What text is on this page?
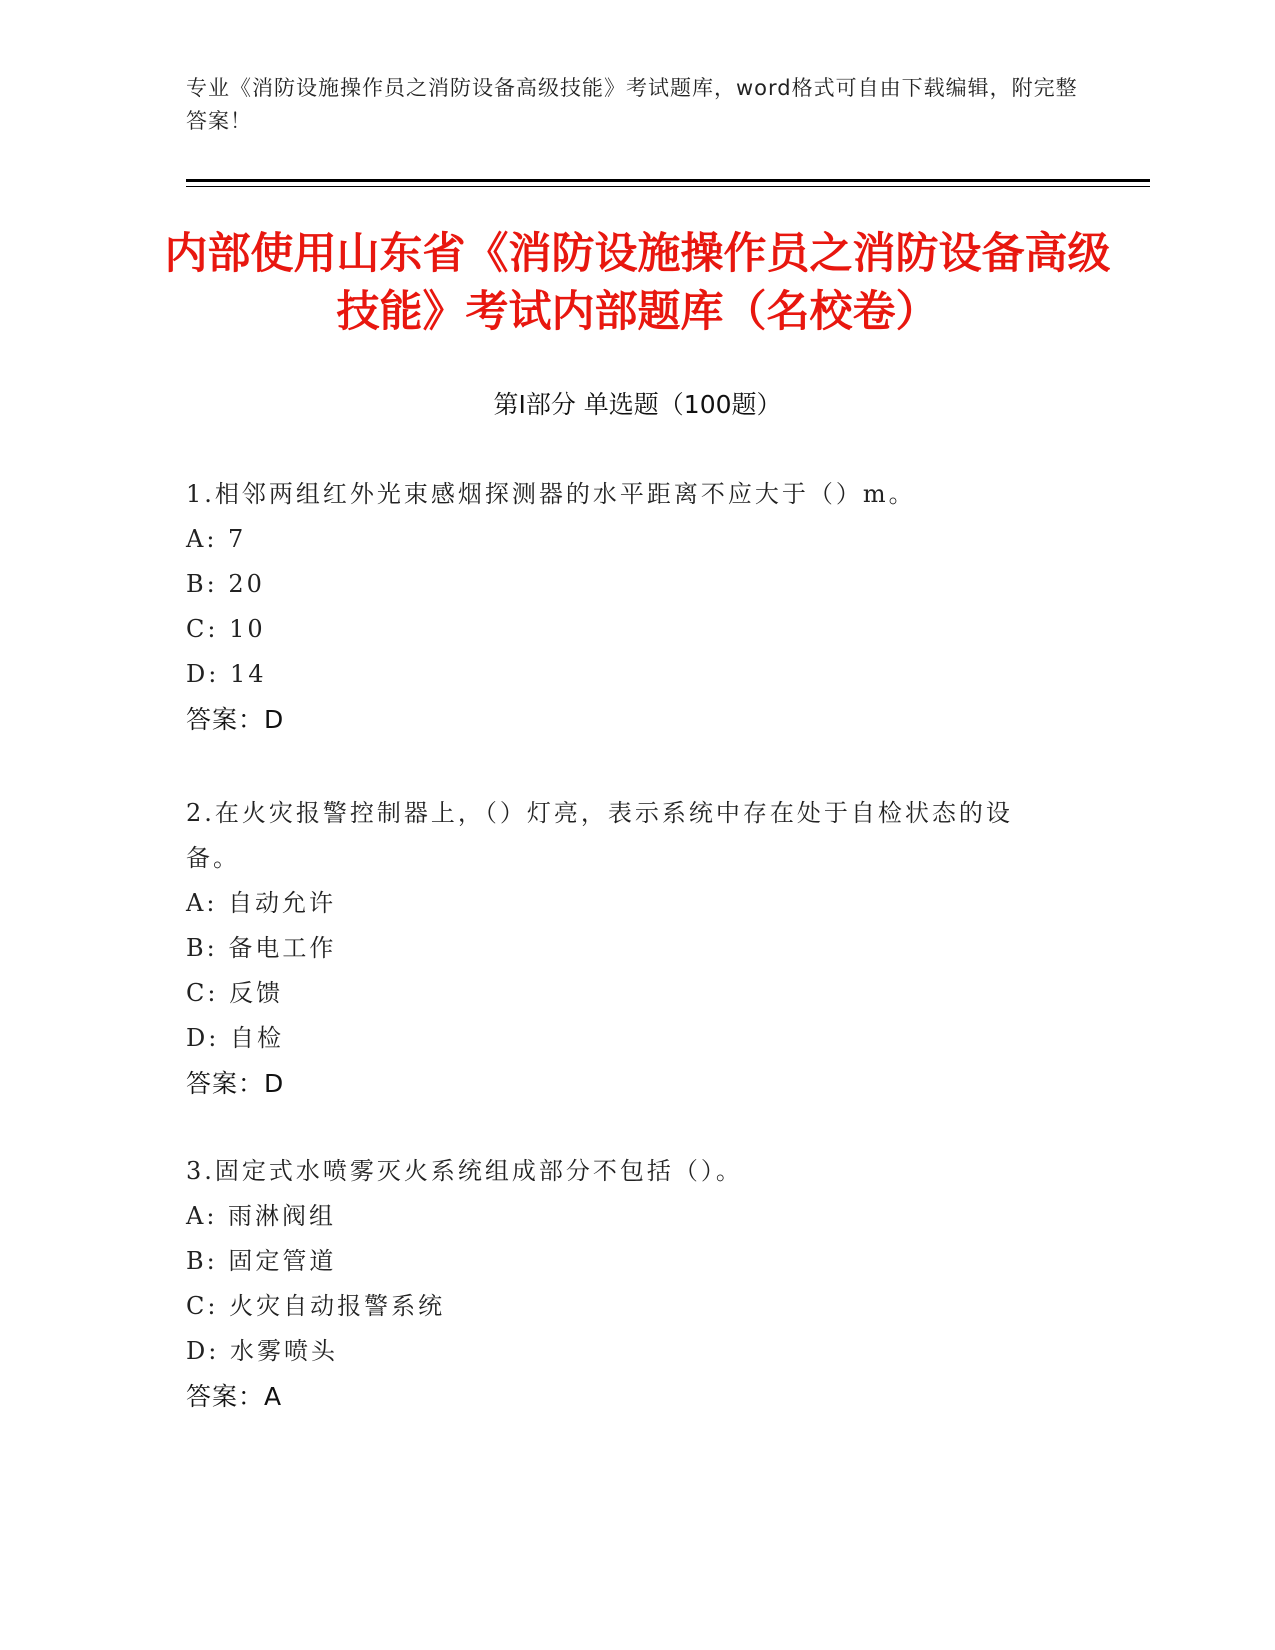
专业《消防设施操作员之消防设备高级技能》考试题库，word格式可自由下载编辑，附完整答案！
内部使用山东省《消防设施操作员之消防设备高级技能》考试内部题库（名校卷）
第I部分 单选题（100题）

1.相邻两组红外光束感烟探测器的水平距离不应大于（）m。

A: 7

B: 20

C: 10

D: 14

答案：D

2.在火灾报警控制器上，（）灯亮，表示系统中存在处于自检状态的设备。

A: 自动允许

B: 备电工作

C: 反馈

D: 自检

答案：D

3.固定式水喷雾灭火系统组成部分不包括（）。

A: 雨淋阀组

B: 固定管道

C: 火灾自动报警系统

D: 水雾喷头

答案：A
